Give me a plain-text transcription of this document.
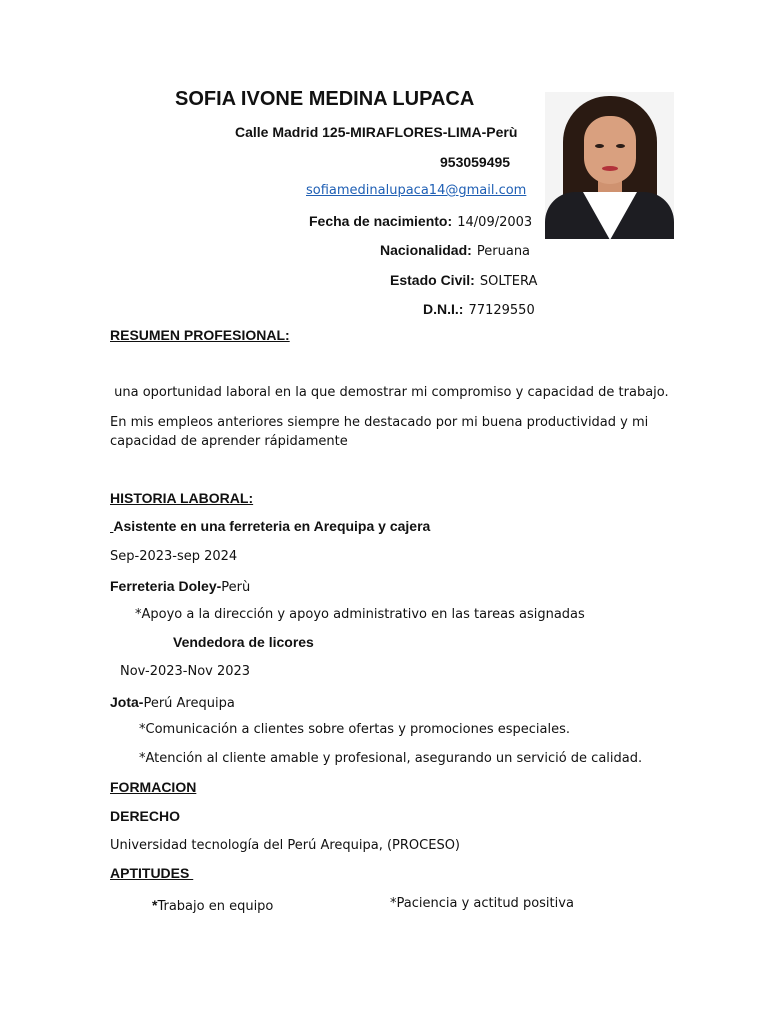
SOFIA IVONE MEDINA LUPACA
Calle Madrid 125-MIRAFLORES-LIMA-Perù
953059495
sofiamedinalupaca14@gmail.com
Fecha de nacimiento: 14/09/2003
Nacionalidad: Peruana
Estado Civil: SOLTERA
D.N.I.: 77129550
RESUMEN PROFESIONAL:
una oportunidad laboral en la que demostrar mi compromiso y capacidad de trabajo.
En mis empleos anteriores siempre he destacado por mi buena productividad y mi capacidad de aprender rápidamente
HISTORIA LABORAL:
Asistente en una ferreteria en Arequipa y cajera
Sep-2023-sep 2024
Ferreteria Doley-Perù
*Apoyo a la dirección y apoyo administrativo en las tareas asignadas
Vendedora de licores
Nov-2023-Nov 2023
Jota-Perú Arequipa
*Comunicación a clientes sobre ofertas y promociones especiales.
*Atención al cliente amable y profesional, asegurando un servició de calidad.
FORMACION
DERECHO
Universidad tecnología del Perú Arequipa, (PROCESO)
APTITUDES
*Trabajo en equipo	*Paciencia y actitud positiva
